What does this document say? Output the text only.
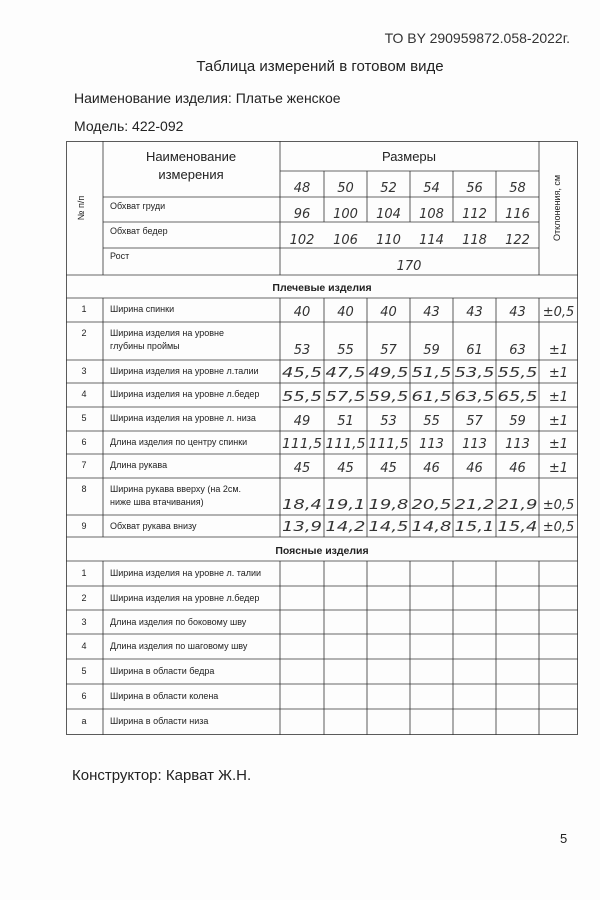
ТО BY 290959872.058-2022г.
Таблица измерений в готовом виде
Наименование изделия: Платье женское
Модель: 422-092
№ п/п
Наименование
измерения
Размеры
Отклонения, см
48 50 52 54 56 58
Обхват груди
96 100 104 108 112 116
Обхват бедер
102 106 110 114 118 122
Рост
170
Плечевые изделия
1	Ширина спинки	40 40 40 43 43 43 ±0,5
2	Ширина изделия на уровне
глубины проймы	53 55 57 59 61 63 ±1
3	Ширина изделия на уровне л.талии 45,5 47,5 49,5 51,5 53,5 55,5 ±1
4	Ширина изделия на уровне л.бедер 55,5 57,5 59,5 61,5 63,5 65,5 ±1
5	Ширина изделия на уровне л. низа	49 51 53 55 57 59 ±1
6	Длина изделия по центру спинки	111,5 111,5 111,5 113 113 113 ±1
7	Длина рукава	45 45 45 46 46 46 ±1
8	Ширина рукава вверху (на 2см.
ниже шва втачивания)	18,4 19,1 19,8 20,5 21,2 21,9 ±0,5
9	Обхват рукава внизу	13,9 14,2 14,5 14,8 15,1 15,4 ±0,5
Поясные изделия
1	Ширина изделия на уровне л. талии
2	Ширина изделия на уровне л.бедер
3	Длина изделия по боковому шву
4	Длина изделия по шаговому шву
5	Ширина в области бедра
6	Ширина в области колена
а	Ширина в области низа
Конструктор: Карват Ж.Н.
5
